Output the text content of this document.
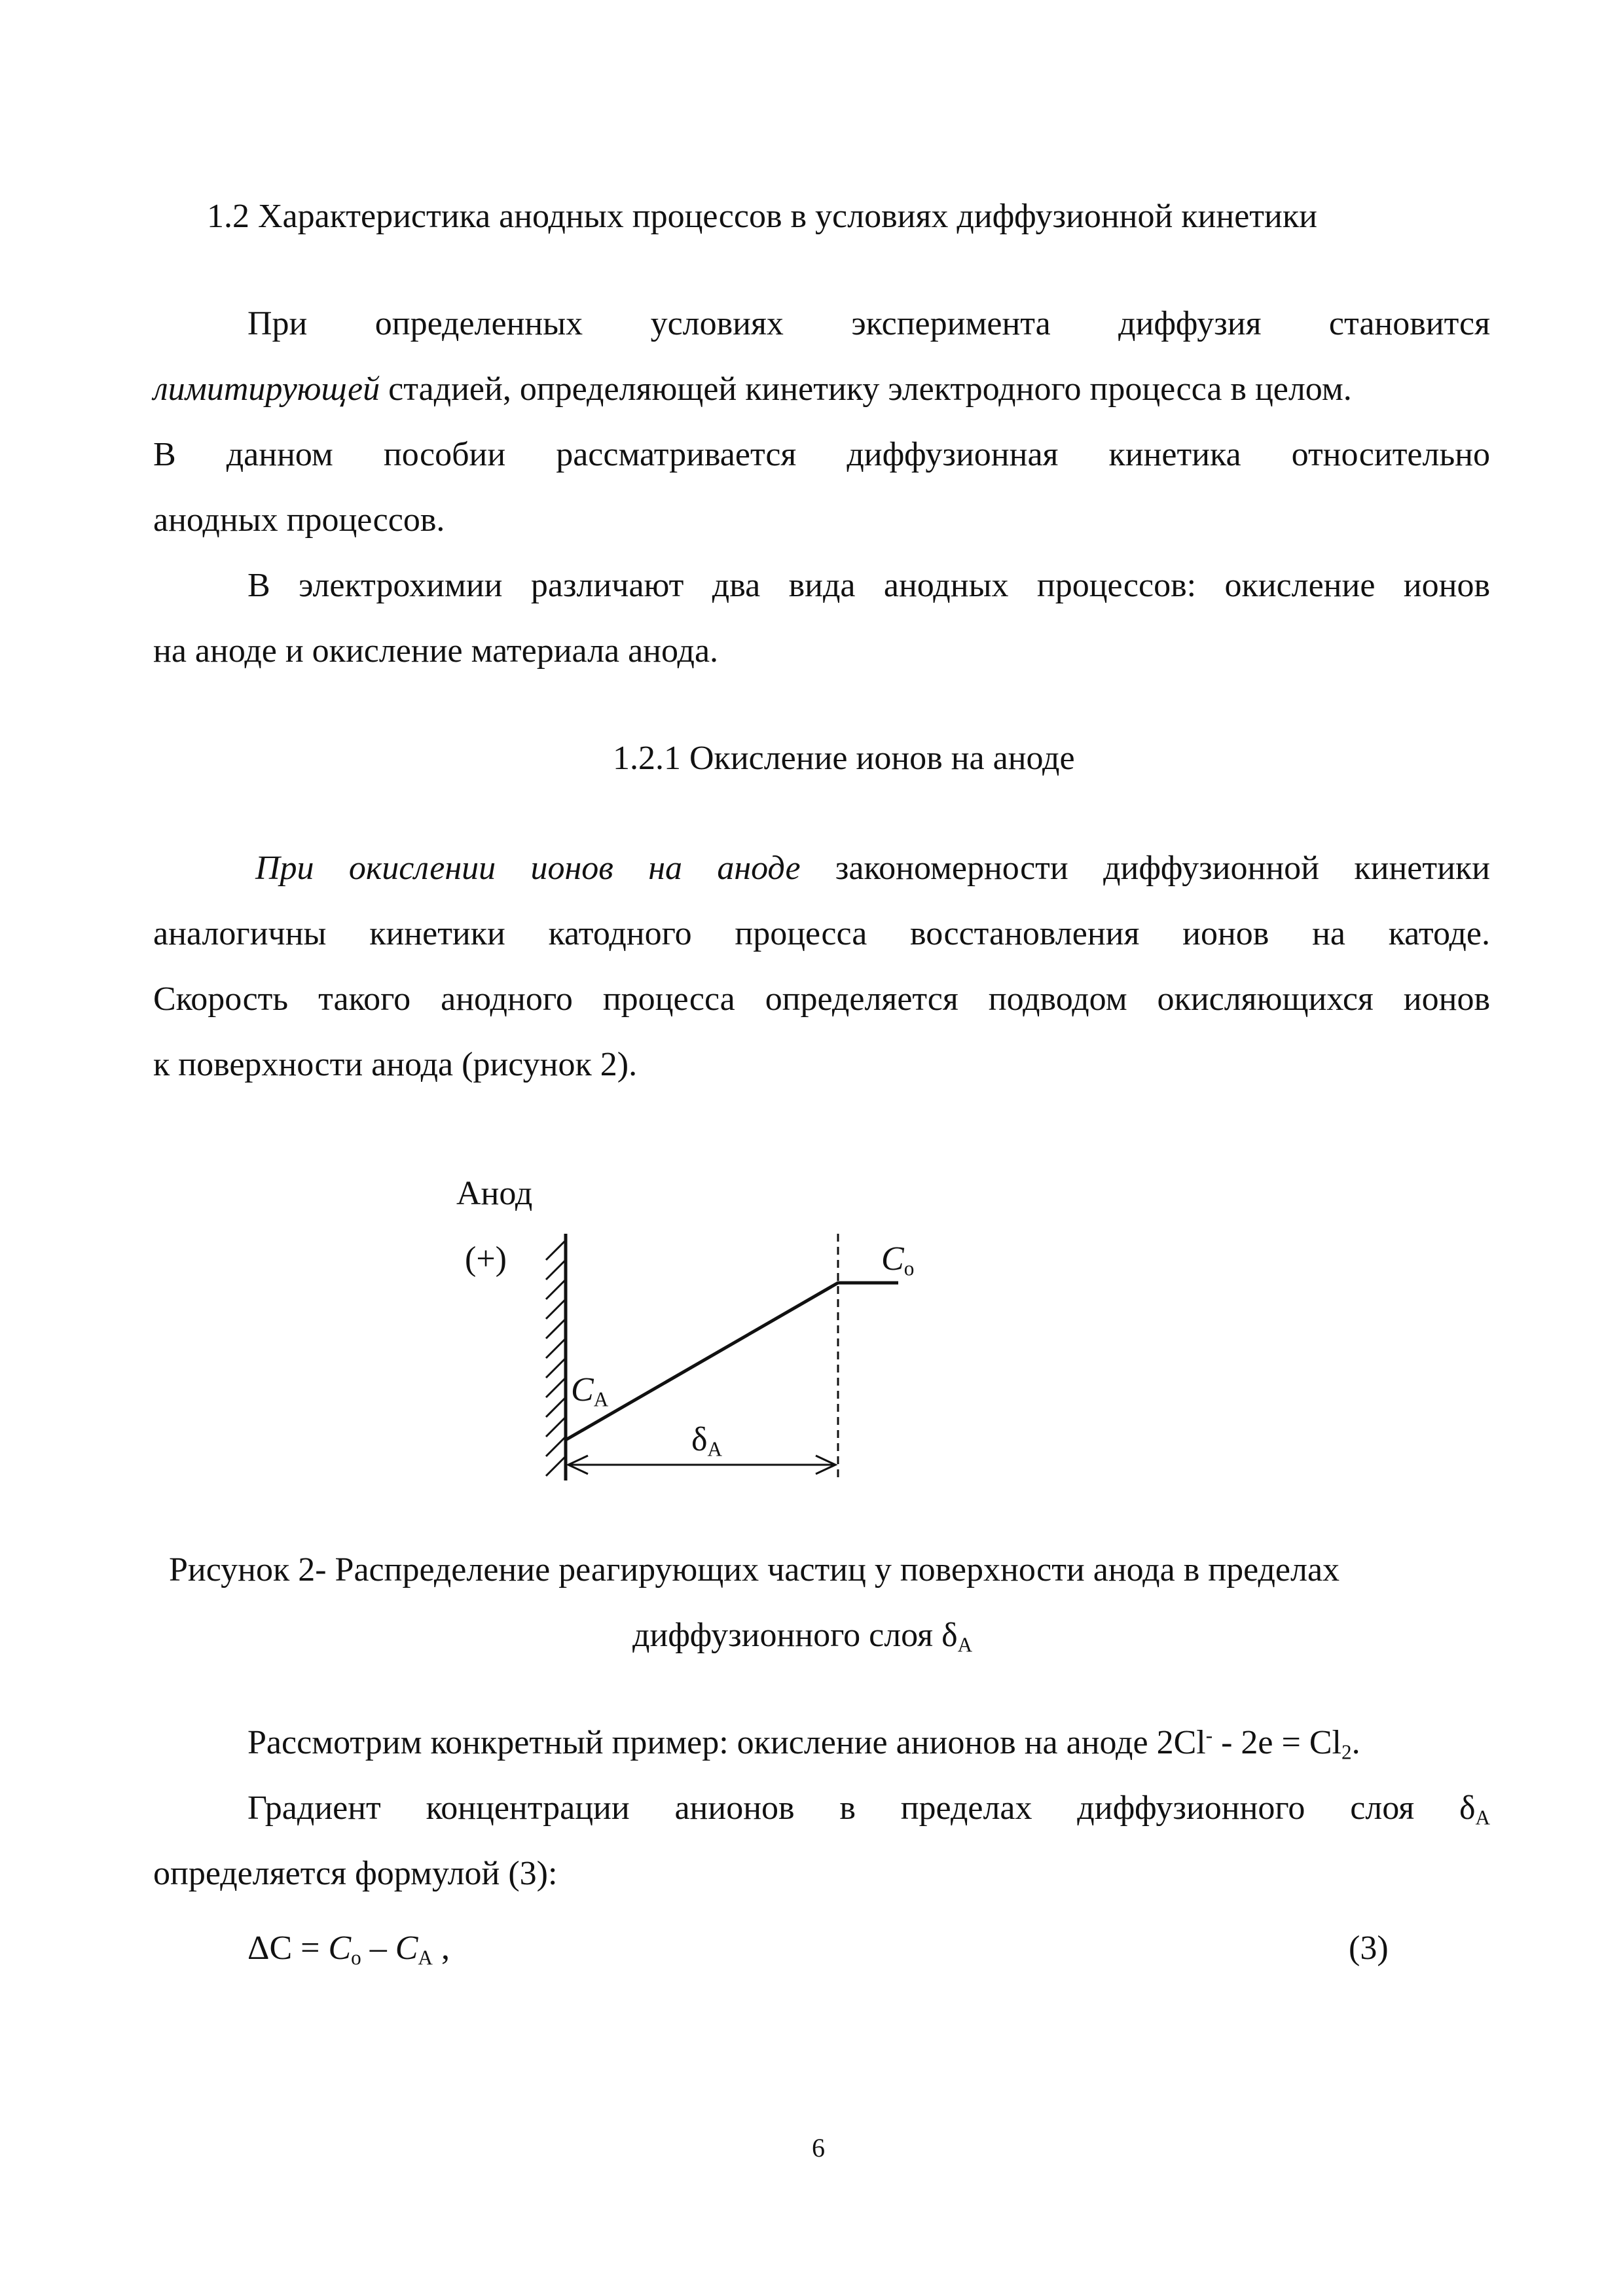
1.2 Характеристика анодных процессов в условиях диффузионной кинетики

При определенных условиях эксперимента диффузия становится

лимитирующей стадией, определяющей кинетику электродного процесса в целом.

В данном пособии рассматривается диффузионная кинетика относительно

анодных процессов.

В электрохимии различают два вида анодных процессов: окисление ионов

на аноде и окисление материала анода.

1.2.1 Окисление ионов на аноде

При окислении ионов на аноде закономерности диффузионной кинетики

аналогичны кинетики катодного процесса восстановления ионов на катоде.

Скорость такого анодного процесса определяется подводом окисляющихся ионов

к поверхности анода (рисунок 2).

Анод
(+)	$C_o$
$C_A$
$\delta_A$

Рисунок 2- Распределение реагирующих частиц у поверхности анода в пределах

диффузионного слоя $\delta_A$

Рассмотрим конкретный пример: окисление анионов на аноде $2Cl^- - 2e = Cl_2$.

Градиент концентрации анионов в пределах диффузионного слоя $\delta_A$

определяется формулой (3):

$\Delta C = C_o - C_A$ ,	(3)

6
